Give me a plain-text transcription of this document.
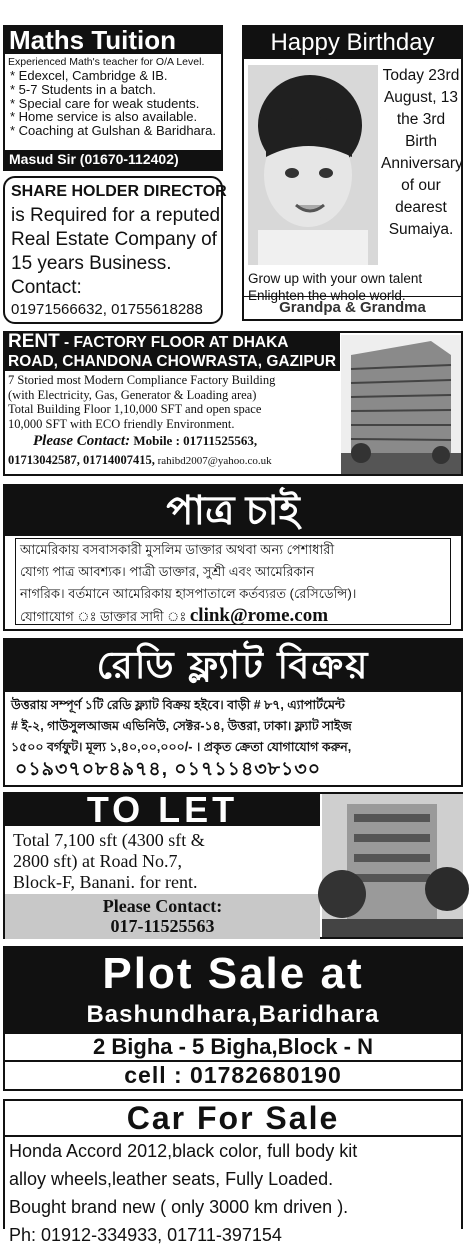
Maths Tuition
Experienced Math's teacher for O/A Level.
* Edexcel, Cambridge & IB.
* 5-7 Students in a batch.
* Special care for weak students.
* Home service is also available.
* Coaching at Gulshan & Baridhara.
Masud Sir (01670-112402)
SHARE HOLDER DIRECTOR
is Required for a reputed
Real Estate Company of
15 years Business.
Contact:
01971566632, 01755618288
Happy Birthday
Today 23rd
August, 13
the 3rd
Birth
Anniversary
of our
dearest
Sumaiya.
Grow up with your own talent
Enlighten the whole world.
Grandpa & Grandma
RENT - FACTORY FLOOR AT DHAKA
ROAD, CHANDONA CHOWRASTA, GAZIPUR
7 Storied most Modern Compliance Factory Building
(with Electricity, Gas, Generator & Loading area)
Total Building Floor 1,10,000 SFT and open space
10,000 SFT with ECO friendly Environment.
Please Contact: Mobile : 01711525563,
01713042587, 01714007415, rahibd2007@yahoo.co.uk
পাত্র চাই
আমেরিকায় বসবাসকারী মুসলিম ডাক্তার অথবা অন্য পেশাধারী
যোগ্য পাত্র আবশ্যক। পাত্রী ডাক্তার, সুশ্রী এবং আমেরিকান
নাগরিক। বর্তমানে আমেরিকায় হাসপাতালে কর্তব্যরত (রেসিডেন্সি)।
যোগাযোগ ঃ ডাক্তার সাদী ঃ clink@rome.com
রেডি ফ্ল্যাট বিক্রয়
উত্তরায় সম্পূর্ণ ১টি রেডি ফ্ল্যাট বিক্রয় হইবে। বাড়ী # ৮৭, এ্যাপার্টমেন্ট
# ই-২, গাউসুলআজম এভিনিউ, সেক্টর-১৪, উত্তরা, ঢাকা। ফ্ল্যাট সাইজ
১৫০০ বর্গফুট। মূল্য ১,৪০,০০,০০০/- । প্রকৃত ক্রেতা যোগাযোগ করুন,
০১৯৩৭০৮৪৯৭৪, ০১৭১১৪৩৮১৩০
TO LET
Total 7,100 sft (4300 sft &
2800 sft) at Road No.7,
Block-F, Banani. for rent.
Please Contact:
017-11525563
Plot Sale at
Bashundhara,Baridhara
2 Bigha - 5 Bigha,Block - N
cell : 01782680190
Car For Sale
Honda Accord 2012,black color, full body kit
alloy wheels,leather seats, Fully Loaded.
Bought brand new ( only 3000 km driven ).
Ph: 01912-334933, 01711-397154
